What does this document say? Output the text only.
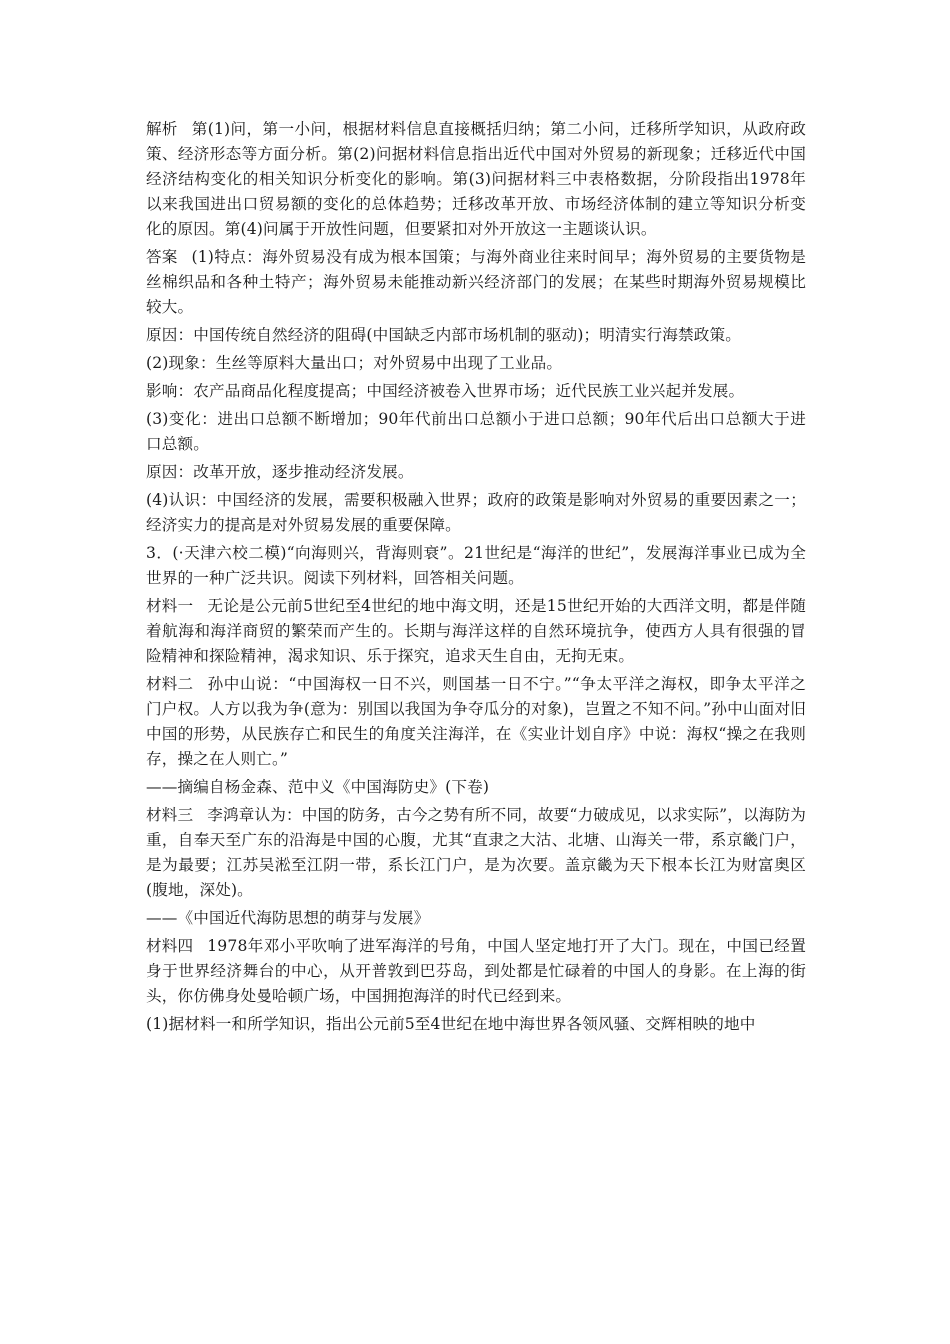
解析 第(1)问，第一小问，根据材料信息直接概括归纳；第二小问，迁移所学知识，从政府政策、经济形态等方面分析。第(2)问据材料信息指出近代中国对外贸易的新现象；迁移近代中国经济结构变化的相关知识分析变化的影响。第(3)问据材料三中表格数据，分阶段指出1978年以来我国进出口贸易额的变化的总体趋势；迁移改革开放、市场经济体制的建立等知识分析变化的原因。第(4)问属于开放性问题，但要紧扣对外开放这一主题谈认识。

答案 (1)特点：海外贸易没有成为根本国策；与海外商业往来时间早；海外贸易的主要货物是丝棉织品和各种土特产；海外贸易未能推动新兴经济部门的发展；在某些时期海外贸易规模比较大。

原因：中国传统自然经济的阻碍(中国缺乏内部市场机制的驱动)；明清实行海禁政策。

(2)现象：生丝等原料大量出口；对外贸易中出现了工业品。

影响：农产品商品化程度提高；中国经济被卷入世界市场；近代民族工业兴起并发展。

(3)变化：进出口总额不断增加；90年代前出口总额小于进口总额；90年代后出口总额大于进口总额。

原因：改革开放，逐步推动经济发展。

(4)认识：中国经济的发展，需要积极融入世界；政府的政策是影响对外贸易的重要因素之一；经济实力的提高是对外贸易发展的重要保障。

3．(·天津六校二模)“向海则兴，背海则衰”。21世纪是“海洋的世纪”，发展海洋事业已成为全世界的一种广泛共识。阅读下列材料，回答相关问题。

材料一 无论是公元前5世纪至4世纪的地中海文明，还是15世纪开始的大西洋文明，都是伴随着航海和海洋商贸的繁荣而产生的。长期与海洋这样的自然环境抗争，使西方人具有很强的冒险精神和探险精神，渴求知识、乐于探究，追求天生自由，无拘无束。

材料二 孙中山说：“中国海权一日不兴，则国基一日不宁。”“争太平洋之海权，即争太平洋之门户权。人方以我为争(意为：别国以我国为争夺瓜分的对象)，岂置之不知不问。”孙中山面对旧中国的形势，从民族存亡和民生的角度关注海洋，在《实业计划自序》中说：海权“操之在我则存，操之在人则亡。”

——摘编自杨金森、范中义《中国海防史》(下卷)

材料三 李鸿章认为：中国的防务，古今之势有所不同，故要“力破成见，以求实际”，以海防为重，自奉天至广东的沿海是中国的心腹，尤其“直隶之大沽、北塘、山海关一带，系京畿门户，是为最要；江苏吴淞至江阴一带，系长江门户，是为次要。盖京畿为天下根本长江为财富奥区(腹地，深处)。

——《中国近代海防思想的萌芽与发展》

材料四 1978年邓小平吹响了进军海洋的号角，中国人坚定地打开了大门。现在，中国已经置身于世界经济舞台的中心，从开普敦到巴芬岛，到处都是忙碌着的中国人的身影。在上海的街头，你仿佛身处曼哈顿广场，中国拥抱海洋的时代已经到来。

(1)据材料一和所学知识，指出公元前5至4世纪在地中海世界各领风骚、交辉相映的地中
